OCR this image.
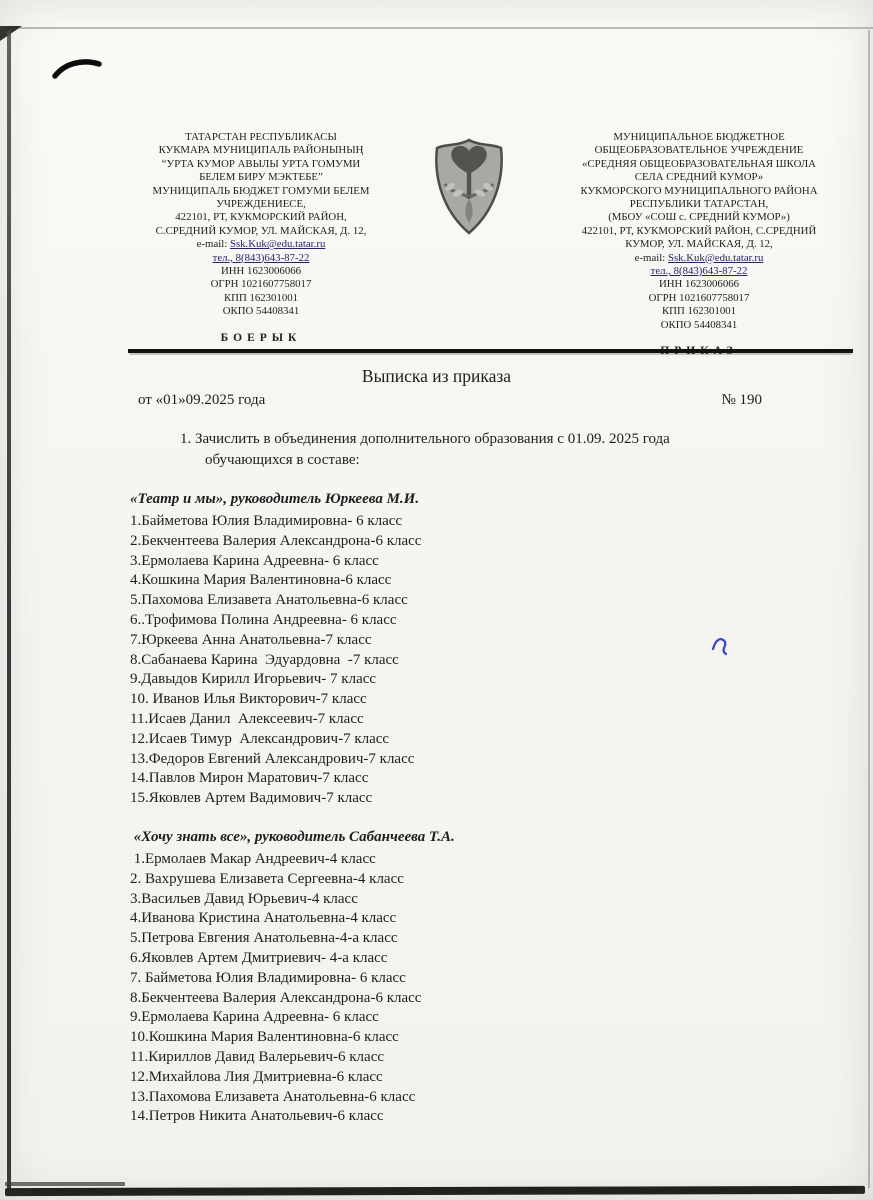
ТАТАРСТАН РЕСПУБЛИКАСЫ
КУКМАРА МУНИЦИПАЛЬ РАЙОНЫНЫҢ
“УРТА КУМОР АВЫЛЫ УРТА ГОМУМИ
БЕЛЕМ БИРУ МЭКТЕБЕ”
МУНИЦИПАЛЬ БЮДЖЕТ ГОМУМИ БЕЛЕМ
УЧРЕЖДЕНИЕСЕ,
422101, РТ, КУКМОРСКИЙ РАЙОН,
С.СРЕДНИЙ КУМОР, УЛ. МАЙСКАЯ, Д. 12,
e-mail: Ssk.Kuk@edu.tatar.ru
тел., 8(843)643-87-22
ИНН 1623006066
ОГРН 1021607758017
КПП 162301001
ОКПО 54408341
БОЕРЫК
МУНИЦИПАЛЬНОЕ БЮДЖЕТНОЕ
ОБЩЕОБРАЗОВАТЕЛЬНОЕ УЧРЕЖДЕНИЕ
«СРЕДНЯЯ ОБЩЕОБРАЗОВАТЕЛЬНАЯ ШКОЛА
СЕЛА СРЕДНИЙ КУМОР»
КУКМОРСКОГО МУНИЦИПАЛЬНОГО РАЙОНА
РЕСПУБЛИКИ ТАТАРСТАН,
(МБОУ «СОШ с. СРЕДНИЙ КУМОР»)
422101, РТ, КУКМОРСКИЙ РАЙОН, С.СРЕДНИЙ
КУМОР, УЛ. МАЙСКАЯ, Д. 12,
e-mail: Ssk.Kuk@edu.tatar.ru
тел., 8(843)643-87-22
ИНН 1623006066
ОГРН 1021607758017
КПП 162301001
ОКПО 54408341
Выписка из приказа
от «01»09.2025 года	№ 190
1. Зачислить в объединения дополнительного образования с 01.09. 2025 года
обучающихся в составе:
«Театр и мы», руководитель Юркеева М.И.
1.Байметова Юлия Владимировна- 6 класс
2.Бекчентеева Валерия Александрона-6 класс
3.Ермолаева Карина Адреевна- 6 класс
4.Кошкина Мария Валентиновна-6 класс
5.Пахомова Елизавета Анатольевна-6 класс
6..Трофимова Полина Андреевна- 6 класс
7.Юркеева Анна Анатольевна-7 класс
8.Сабанаева Карина  Эдуардовна  -7 класс
9.Давыдов Кирилл Игорьевич- 7 класс
10. Иванов Илья Викторович-7 класс
11.Исаев Данил  Алексеевич-7 класс
12.Исаев Тимур  Александрович-7 класс
13.Федоров Евгений Александрович-7 класс
14.Павлов Мирон Маратович-7 класс
15.Яковлев Артем Вадимович-7 класс
«Хочу знать все», руководитель Сабанчеева Т.А.
1.Ермолаев Макар Андреевич-4 класс
2. Вахрушева Елизавета Сергеевна-4 класс
3.Васильев Давид Юрьевич-4 класс
4.Иванова Кристина Анатольевна-4 класс
5.Петрова Евгения Анатольевна-4-а класс
6.Яковлев Артем Дмитриевич- 4-а класс
7. Байметова Юлия Владимировна- 6 класс
8.Бекчентеева Валерия Александрона-6 класс
9.Ермолаева Карина Адреевна- 6 класс
10.Кошкина Мария Валентиновна-6 класс
11.Кириллов Давид Валерьевич-6 класс
12.Михайлова Лия Дмитриевна-6 класс
13.Пахомова Елизавета Анатольевна-6 класс
14.Петров Никита Анатольевич-6 класс
